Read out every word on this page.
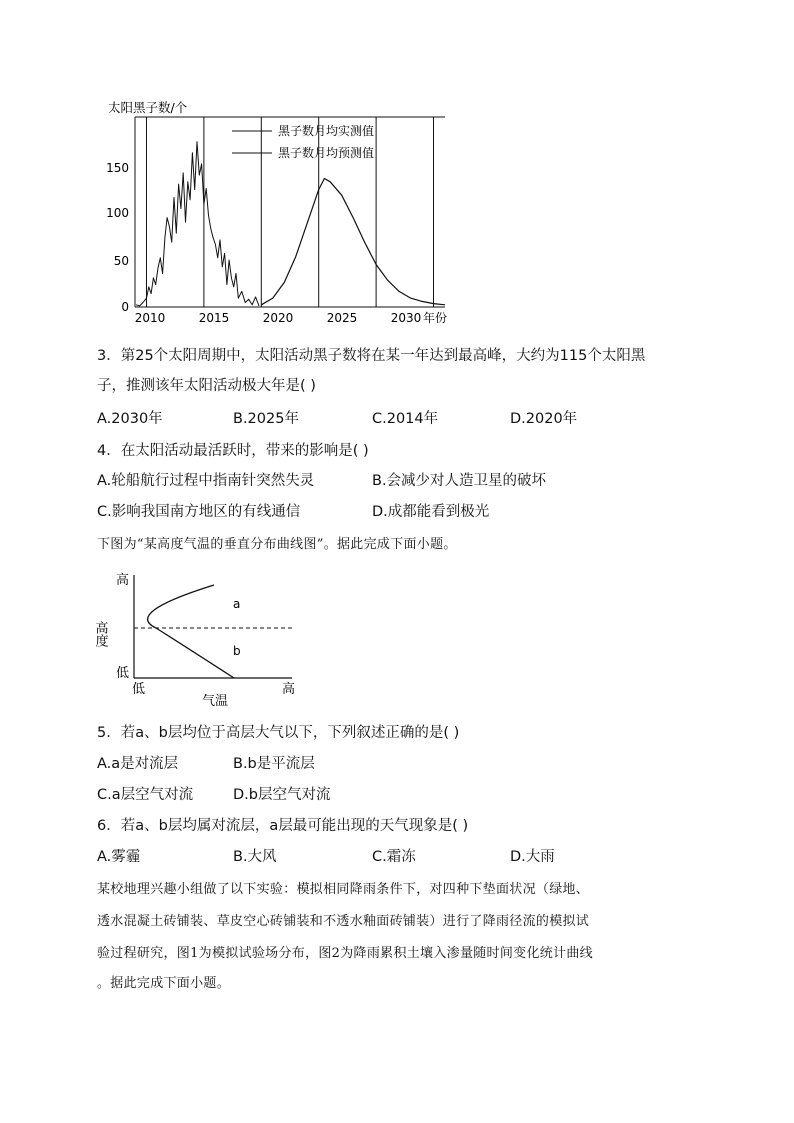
太阳黑子数/个
年份
150
100
50
0
2010	2015	2020	2025	2030
黑子数月均实测值
黑子数月均预测值
3．第25个太阳周期中，太阳活动黑子数将在某一年达到最高峰，大约为115个太阳黑
子，推测该年太阳活动极大年是( )
A.2030年	B.2025年	C.2014年	D.2020年
4．在太阳活动最活跃时，带来的影响是( )
A.轮船航行过程中指南针突然失灵	B.会减少对人造卫星的破坏
C.影响我国南方地区的有线通信	D.成都能看到极光
下图为“某高度气温的垂直分布曲线图”。据此完成下面小题。
高
高度
低
低	高
气温
a
b
5．若a、b层均位于高层大气以下，下列叙述正确的是( )
A.a是对流层	B.b是平流层
C.a层空气对流	D.b层空气对流
6．若a、b层均属对流层，a层最可能出现的天气现象是( )
A.雾霾	B.大风	C.霜冻	D.大雨
某校地理兴趣小组做了以下实验：模拟相同降雨条件下，对四种下垫面状况（绿地、
透水混凝土砖铺装、草皮空心砖铺装和不透水釉面砖铺装）进行了降雨径流的模拟试
验过程研究，图1为模拟试验场分布，图2为降雨累积土壤入渗量随时间变化统计曲线
。据此完成下面小题。
